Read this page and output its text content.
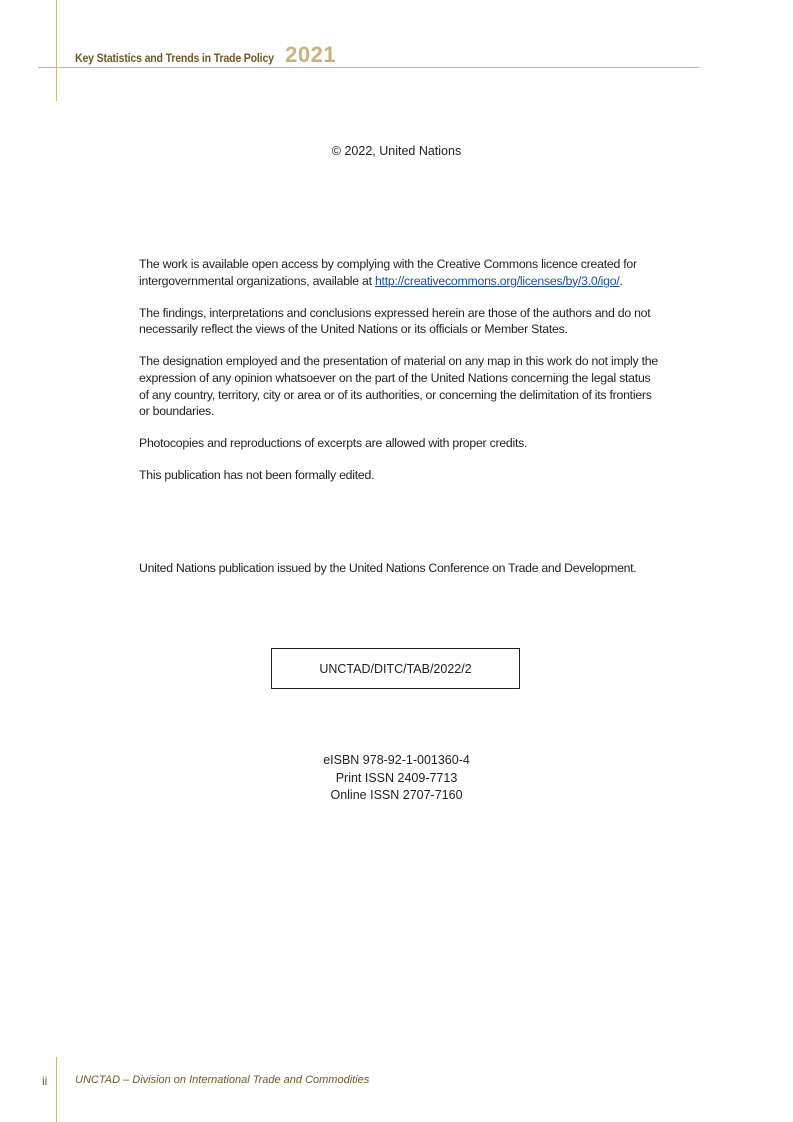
Key Statistics and Trends in Trade Policy 2021
© 2022, United Nations

The work is available open access by complying with the Creative Commons licence created for intergovernmental organizations, available at http://creativecommons.org/licenses/by/3.0/igo/.

The findings, interpretations and conclusions expressed herein are those of the authors and do not necessarily reflect the views of the United Nations or its officials or Member States.

The designation employed and the presentation of material on any map in this work do not imply the expression of any opinion whatsoever on the part of the United Nations concerning the legal status of any country, territory, city or area or of its authorities, or concerning the delimitation of its frontiers or boundaries.

Photocopies and reproductions of excerpts are allowed with proper credits.

This publication has not been formally edited.

United Nations publication issued by the United Nations Conference on Trade and Development.
UNCTAD/DITC/TAB/2022/2
eISBN 978-92-1-001360-4
Print ISSN 2409-7713
Online ISSN 2707-7160
ii	UNCTAD – Division on International Trade and Commodities
